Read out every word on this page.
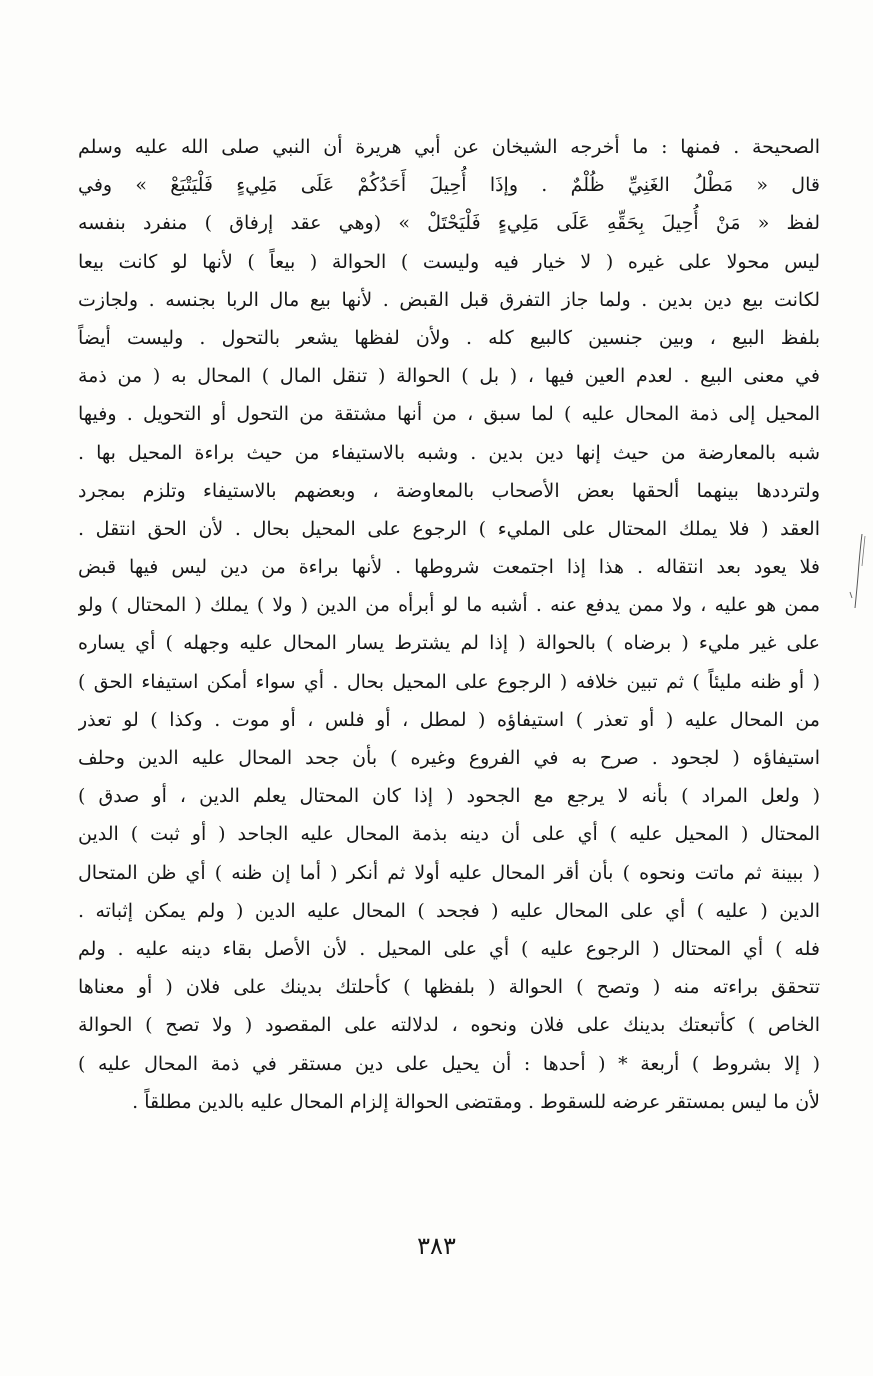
الصحيحة . فمنها : ما أخرجه الشيخان عن أبي هريرة أن النبي صلى الله عليه وسلم
قال « مَطْلُ الغَنِيِّ ظُلْمٌ . وإذَا أُحِيلَ أَحَدُكُمْ عَلَى مَلِيءٍ فَلْيَتْبَعْ » وفي
لفظ « مَنْ أُحِيلَ بِحَقِّهِ عَلَى مَلِيءٍ فَلْيَحْتَلْ » (وهي عقد إرفاق ) منفرد بنفسه
ليس محولا على غيره ( لا خيار فيه وليست ) الحوالة ( بيعاً ) لأنها لو كانت بيعا
لكانت بيع دين بدين . ولما جاز التفرق قبل القبض . لأنها بيع مال الربا بجنسه . ولجازت
بلفظ البيع ، وبين جنسين كالبيع كله . ولأن لفظها يشعر بالتحول . وليست أيضاً
في معنى البيع . لعدم العين فيها ، ( بل ) الحوالة ( تنقل المال ) المحال به ( من ذمة
المحيل إلى ذمة المحال عليه ) لما سبق ، من أنها مشتقة من التحول أو التحويل . وفيها
شبه بالمعارضة من حيث إنها دين بدين . وشبه بالاستيفاء من حيث براءة المحيل بها .
ولترددها بينهما ألحقها بعض الأصحاب بالمعاوضة ، وبعضهم بالاستيفاء وتلزم بمجرد
العقد ( فلا يملك المحتال على المليء ) الرجوع على المحيل بحال . لأن الحق انتقل .
فلا يعود بعد انتقاله . هذا إذا اجتمعت شروطها . لأنها براءة من دين ليس فيها قبض
ممن هو عليه ، ولا ممن يدفع عنه . أشبه ما لو أبرأه من الدين ( ولا ) يملك ( المحتال ) ولو
على غير مليء ( برضاه ) بالحوالة ( إذا لم يشترط يسار المحال عليه وجهله ) أي يساره
( أو ظنه مليئاً ) ثم تبين خلافه ( الرجوع على المحيل بحال . أي سواء أمكن استيفاء الحق )
من المحال عليه ( أو تعذر ) استيفاؤه ( لمطل ، أو فلس ، أو موت . وكذا ) لو تعذر
استيفاؤه ( لجحود . صرح به في الفروع وغيره ) بأن جحد المحال عليه الدين وحلف
( ولعل المراد ) بأنه لا يرجع مع الجحود ( إذا كان المحتال يعلم الدين ، أو صدق )
المحتال ( المحيل عليه ) أي على أن دينه بذمة المحال عليه الجاحد ( أو ثبت ) الدين
( ببينة ثم ماتت ونحوه ) بأن أقر المحال عليه أولا ثم أنكر ( أما إن ظنه ) أي ظن المتحال
الدين ( عليه ) أي على المحال عليه ( فجحد ) المحال عليه الدين ( ولم يمكن إثباته .
فله ) أي المحتال ( الرجوع عليه ) أي على المحيل . لأن الأصل بقاء دينه عليه . ولم
تتحقق براءته منه ( وتصح ) الحوالة ( بلفظها ) كأحلتك بدينك على فلان ( أو معناها
الخاص ) كأتبعتك بدينك على فلان ونحوه ، لدلالته على المقصود ( ولا تصح ) الحوالة
( إلا بشروط ) أربعة * ( أحدها : أن يحيل على دين مستقر في ذمة المحال عليه )
لأن ما ليس بمستقر عرضه للسقوط . ومقتضى الحوالة إلزام المحال عليه بالدين مطلقاً .
٣٨٣
